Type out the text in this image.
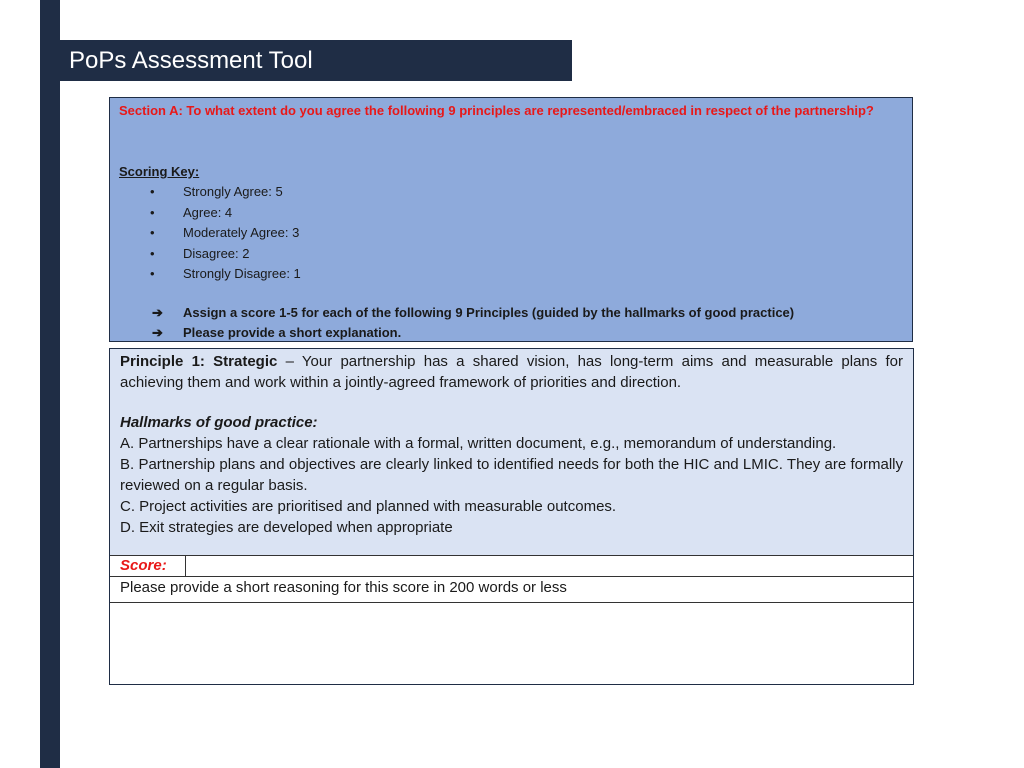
PoPs Assessment Tool
Section A: To what extent do you agree the following 9 principles are represented/embraced in respect of the partnership?
Scoring Key:
• Strongly Agree: 5
• Agree: 4
• Moderately Agree: 3
• Disagree: 2
• Strongly Disagree: 1
➔ Assign a score 1-5 for each of the following 9 Principles (guided by the hallmarks of good practice)
➔ Please provide a short explanation.

Principle 1: Strategic – Your partnership has a shared vision, has long-term aims and measurable plans for achieving them and work within a jointly-agreed framework of priorities and direction.

Hallmarks of good practice:

A. Partnerships have a clear rationale with a formal, written document, e.g., memorandum of understanding.

B. Partnership plans and objectives are clearly linked to identified needs for both the HIC and LMIC. They are formally reviewed on a regular basis.

C. Project activities are prioritised and planned with measurable outcomes.

D. Exit strategies are developed when appropriate

Score:
Please provide a short reasoning for this score in 200 words or less
